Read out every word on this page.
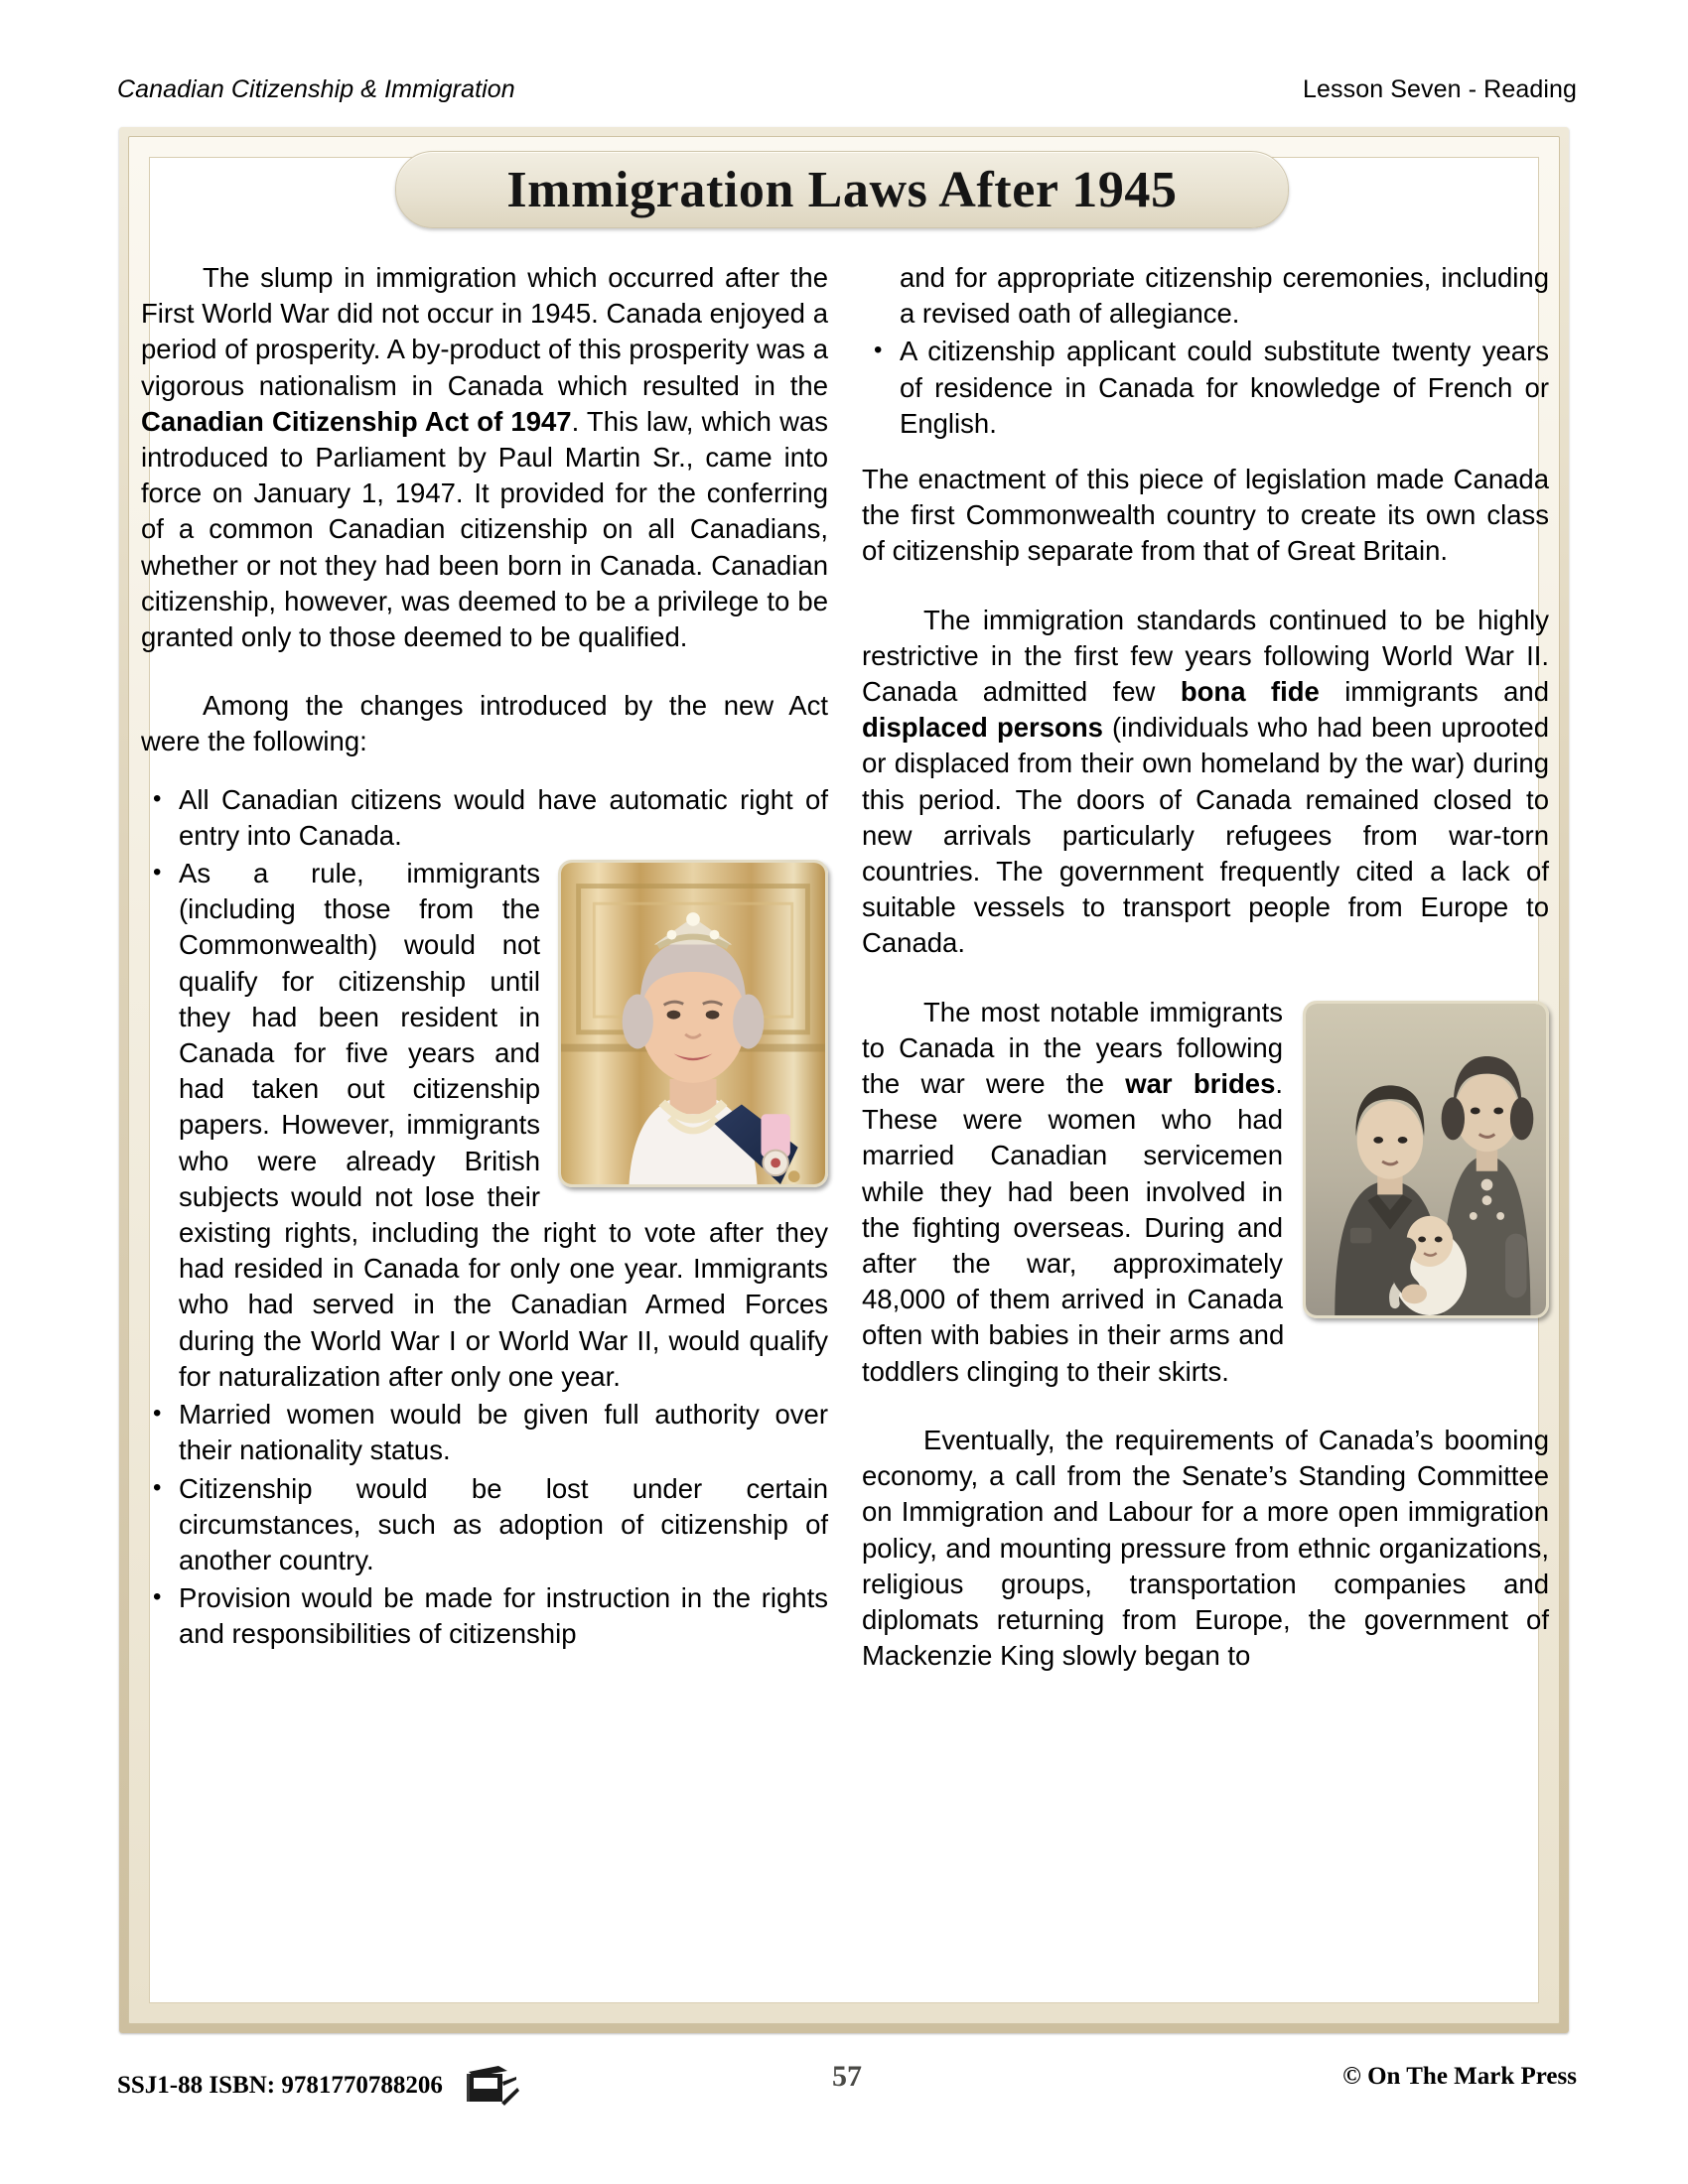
Canadian Citizenship & Immigration	Lesson Seven - Reading
Immigration Laws After 1945

The slump in immigration which occurred after the First World War did not occur in 1945. Canada enjoyed a period of prosperity. A by-product of this prosperity was a vigorous nationalism in Canada which resulted in the Canadian Citizenship Act of 1947. This law, which was introduced to Parliament by Paul Martin Sr., came into force on January 1, 1947. It provided for the conferring of a common Canadian citizenship on all Canadians, whether or not they had been born in Canada. Canadian citizenship, however, was deemed to be a privilege to be granted only to those deemed to be qualified.

Among the changes introduced by the new Act were the following:

• All Canadian citizens would have automatic right of entry into Canada.
• As a rule, immigrants (including those from the Commonwealth) would not qualify for citizenship until they had been resident in Canada for five years and had taken out citizenship papers. However, immigrants who were already British subjects would not lose their existing rights, including the right to vote after they had resided in Canada for only one year. Immigrants who had served in the Canadian Armed Forces during the World War I or World War II, would qualify for naturalization after only one year.
• Married women would be given full authority over their nationality status.
• Citizenship would be lost under certain circumstances, such as adoption of citizenship of another country.
• Provision would be made for instruction in the rights and responsibilities of citizenship

and for appropriate citizenship ceremonies, including a revised oath of allegiance.

• A citizenship applicant could substitute twenty years of residence in Canada for knowledge of French or English.

The enactment of this piece of legislation made Canada the first Commonwealth country to create its own class of citizenship separate from that of Great Britain.

The immigration standards continued to be highly restrictive in the first few years following World War II. Canada admitted few bona fide immigrants and displaced persons (individuals who had been uprooted or displaced from their own homeland by the war) during this period. The doors of Canada remained closed to new arrivals particularly refugees from war-torn countries. The government frequently cited a lack of suitable vessels to transport people from Europe to Canada.

The most notable immigrants to Canada in the years following the war were the war brides. These were women who had married Canadian servicemen while they had been involved in the fighting overseas. During and after the war, approximately 48,000 of them arrived in Canada often with babies in their arms and toddlers clinging to their skirts.

Eventually, the requirements of Canada’s booming economy, a call from the Senate’s Standing Committee on Immigration and Labour for a more open immigration policy, and mounting pressure from ethnic organizations, religious groups, transportation companies and diplomats returning from Europe, the government of Mackenzie King slowly began to

SSJ1-88 ISBN: 9781770788206	57	© On The Mark Press
